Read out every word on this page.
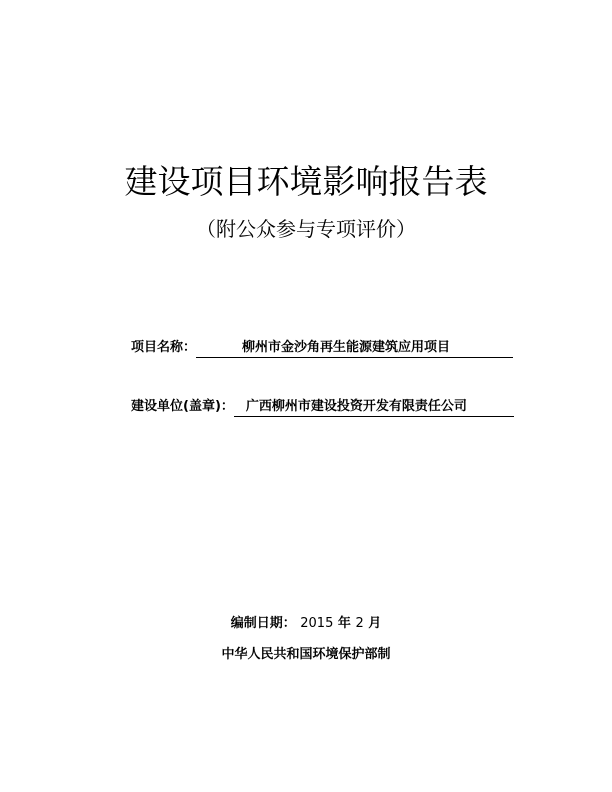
建设项目环境影响报告表
（附公众参与专项评价）
项目名称：	柳州市金沙角再生能源建筑应用项目
建设单位(盖章)： 广西柳州市建设投资开发有限责任公司
编制日期： 2015 年 2 月
中华人民共和国环境保护部制
